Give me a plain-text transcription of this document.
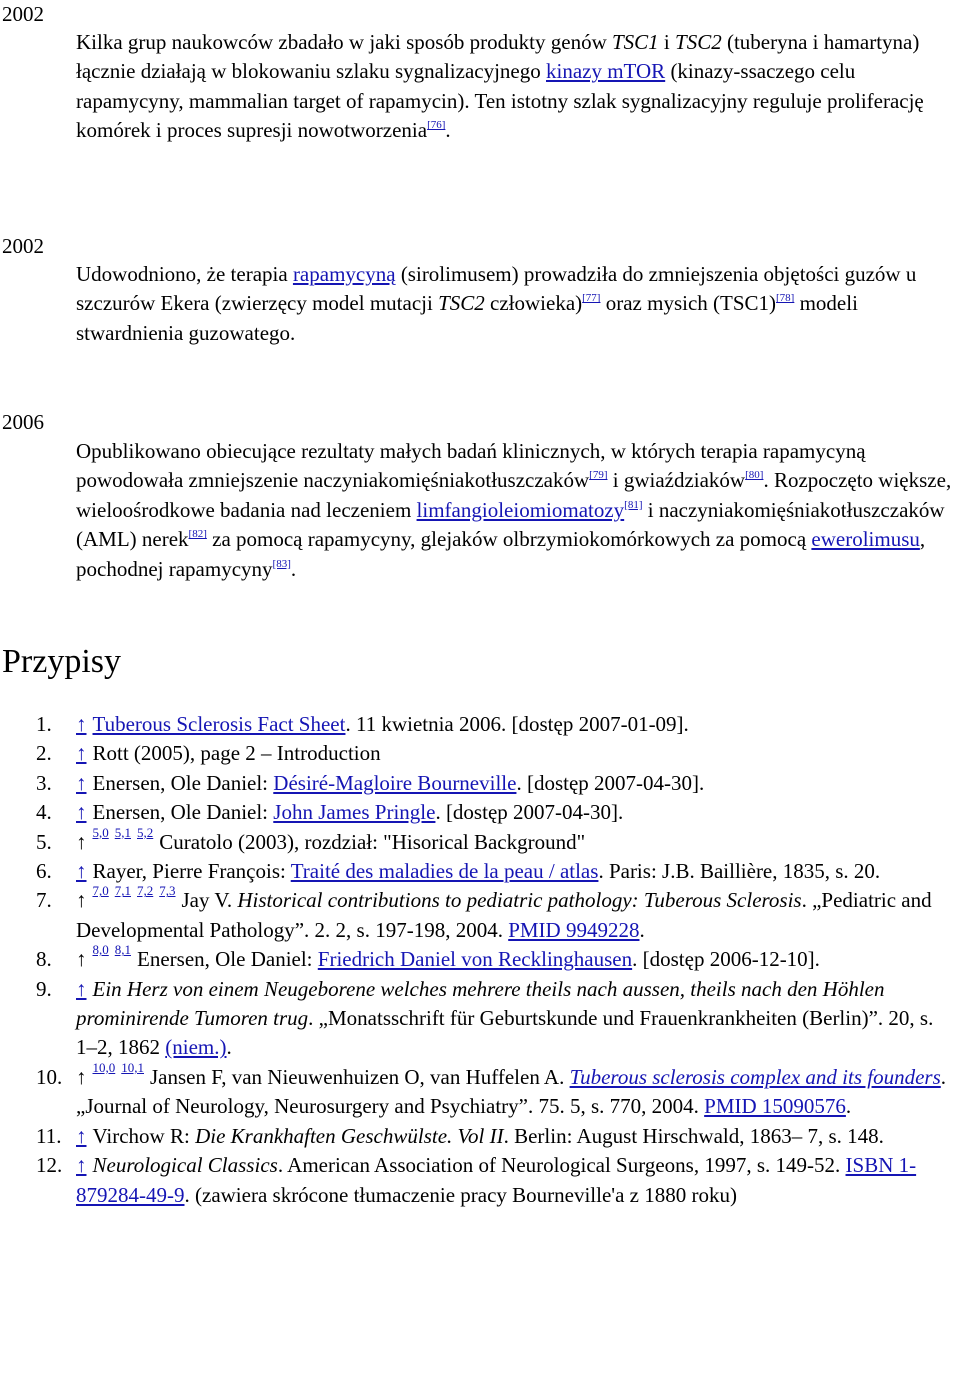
2002

Kilka grup naukowców zbadało w jaki sposób produkty genów TSC1 i TSC2 (tuberyna i hamartyna) łącznie działają w blokowaniu szlaku sygnalizacyjnego kinazy mTOR (kinazy-ssaczego celu rapamycyny, mammalian target of rapamycin). Ten istotny szlak sygnalizacyjny reguluje proliferację komórek i proces supresji nowotworzenia[76].

2002

Udowodniono, że terapia rapamycyną (sirolimusem) prowadziła do zmniejszenia objętości guzów u szczurów Ekera (zwierzęcy model mutacji TSC2 człowieka)[77] oraz mysich (TSC1)[78] modeli stwardnienia guzowatego.

2006

Opublikowano obiecujące rezultaty małych badań klinicznych, w których terapia rapamycyną powodowała zmniejszenie naczyniakomięśniakotłuszczaków[79] i gwiaździaków[80]. Rozpoczęto większe, wieloośrodkowe badania nad leczeniem limfangioleiomiomatozy[81] i naczyniakomięśniakotłuszczaków (AML) nerek[82] za pomocą rapamycyny, glejaków olbrzymiokomórkowych za pomocą ewerolimusu, pochodnej rapamycyny[83].

Przypisy
1. ↑ Tuberous Sclerosis Fact Sheet. 11 kwietnia 2006. [dostęp 2007-01-09].
2. ↑ Rott (2005), page 2 – Introduction
3. ↑ Enersen, Ole Daniel: Désiré-Magloire Bourneville. [dostęp 2007-04-30].
4. ↑ Enersen, Ole Daniel: John James Pringle. [dostęp 2007-04-30].
5. ↑ $^{5,0}$ $^{5,1}$ $^{5,2}$ Curatolo (2003), rozdział: "Hisorical Background"
6. ↑ Rayer, Pierre François: Traité des maladies de la peau / atlas. Paris: J.B. Baillière, 1835, s. 20.
7. ↑ $^{7,0}$ $^{7,1}$ $^{7,2}$ $^{7,3}$ Jay V. Historical contributions to pediatric pathology: Tuberous Sclerosis. „Pediatric and Developmental Pathology”. 2. 2, s. 197-198, 2004. PMID 9949228.
8. ↑ $^{8,0}$ $^{8,1}$ Enersen, Ole Daniel: Friedrich Daniel von Recklinghausen. [dostęp 2006-12-10].
9. ↑ Ein Herz von einem Neugeborene welches mehrere theils nach aussen, theils nach den Höhlen prominirende Tumoren trug. „Monatsschrift für Geburtskunde und Frauenkrankheiten (Berlin)”. 20, s. 1–2, 1862 (niem.).
10. ↑ $^{10,0}$ $^{10,1}$ Jansen F, van Nieuwenhuizen O, van Huffelen A. Tuberous sclerosis complex and its founders. „Journal of Neurology, Neurosurgery and Psychiatry”. 75. 5, s. 770, 2004. PMID 15090576.
11. ↑ Virchow R: Die Krankhaften Geschwülste. Vol II. Berlin: August Hirschwald, 1863– 7, s. 148.
12. ↑ Neurological Classics. American Association of Neurological Surgeons, 1997, s. 149-52. ISBN 1-879284-49-9. (zawiera skrócone tłumaczenie pracy Bourneville'a z 1880 roku)
